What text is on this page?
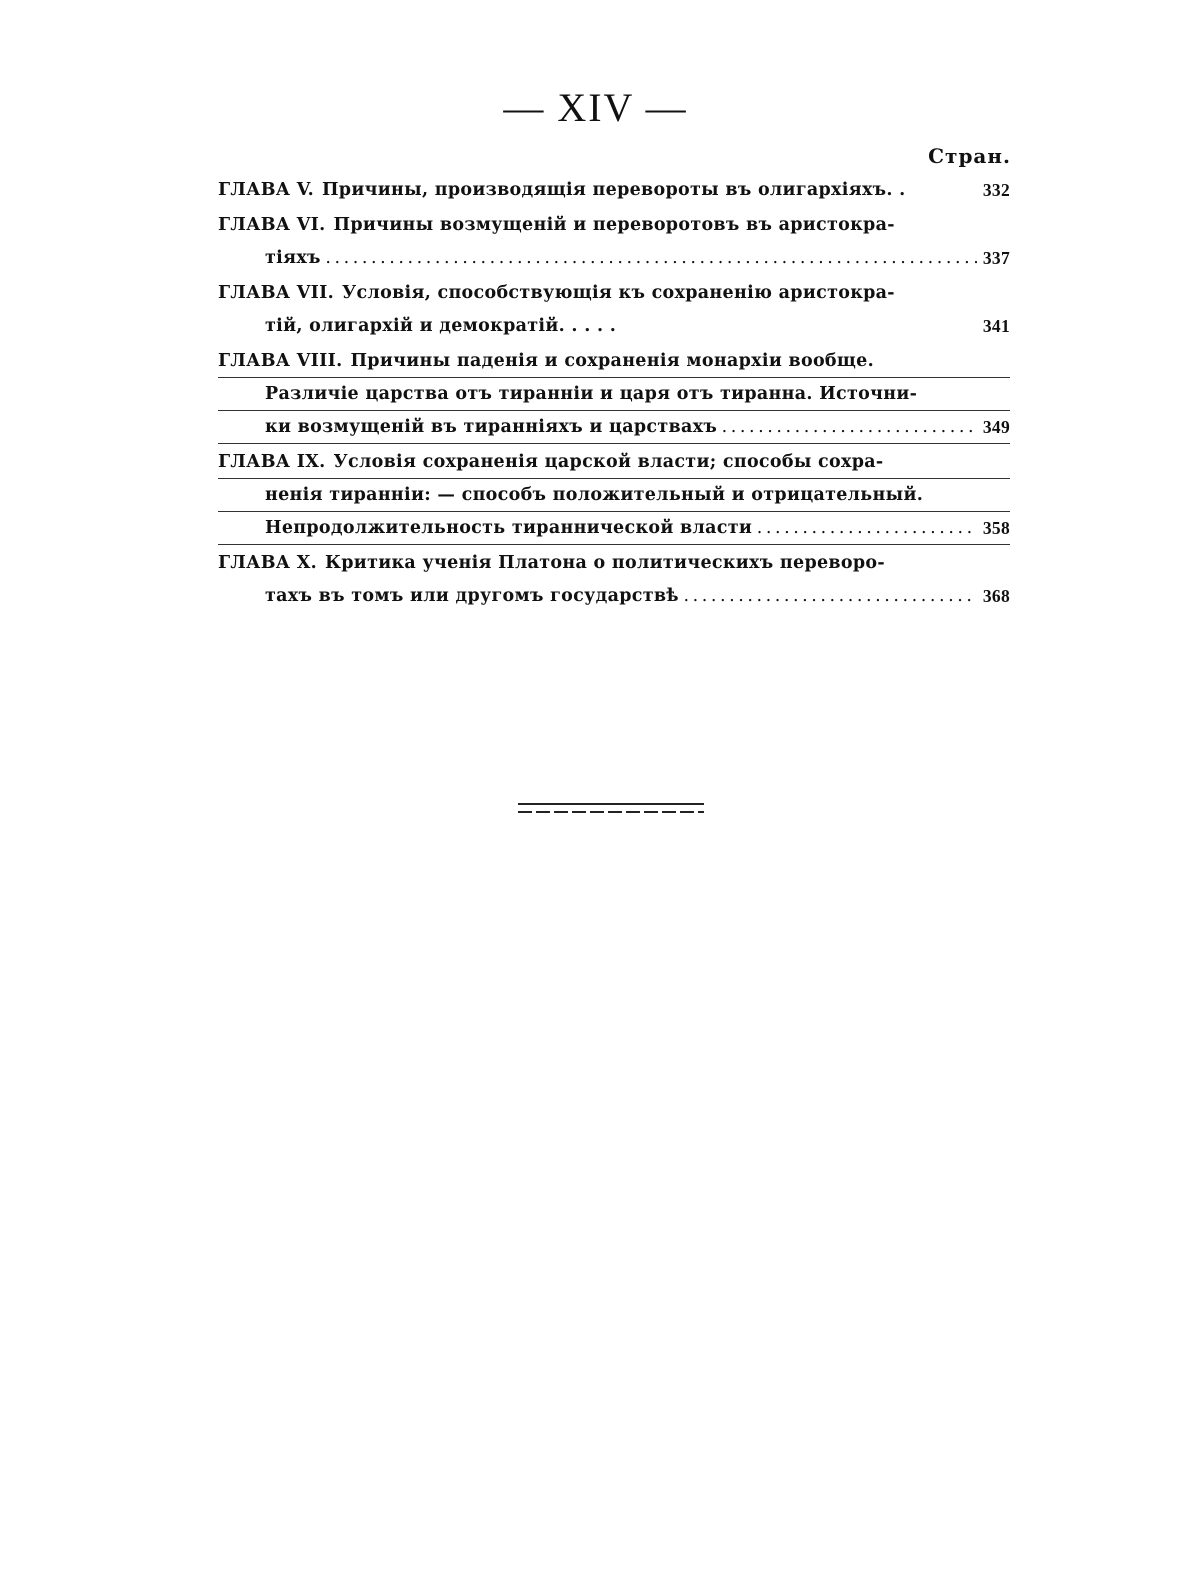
— XIV —
Стран.
ГЛАВА V. Причины, производящія перевороты въ олигархіяхъ. .	332
ГЛАВА VI. Причины возмущеній и переворотовъ въ аристокра-
тіяхъ . . .	337
ГЛАВА VII. Условія, способствующія къ сохраненію аристокра-
тій, олигархій и демократій. . . . .	341
ГЛАВА VIII. Причины паденія и сохраненія монархіи вообще.
Различіе царства отъ тиранніи и царя отъ тиранна. Источни-
ки возмущеній въ тиранніяхъ и царствахъ . . .	349
ГЛАВА IX. Условія сохраненія царской власти; способы сохра-
ненія тиранніи: — способъ положительный и отрицательный.
Непродолжительность тираннической власти . . .	358
ГЛАВА X. Критика ученія Платона о политическихъ переворо-
тахъ въ томъ или другомъ государствѣ . . .	368
